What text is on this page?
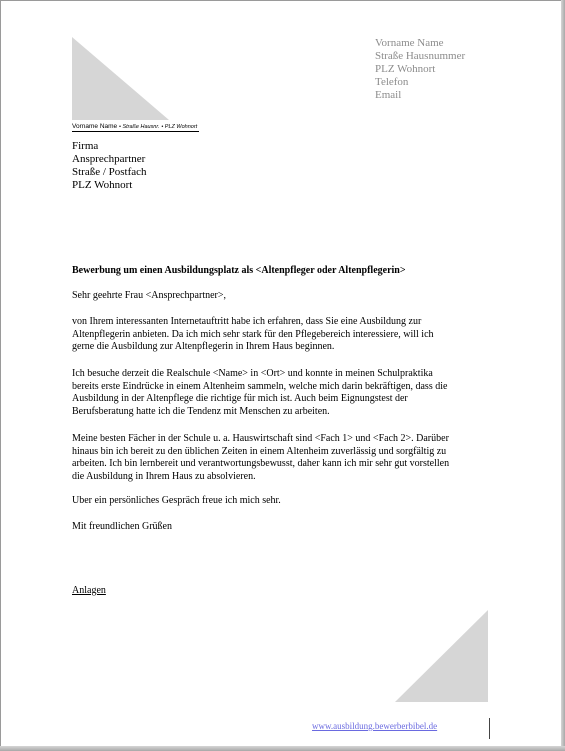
Vorname Name
Straße Hausnummer
PLZ Wohnort
Telefon
Email
Vorname Name • Straße Hausnr. • PLZ Wohnort
Firma
Ansprechpartner
Straße / Postfach
PLZ Wohnort
Bewerbung um einen Ausbildungsplatz als <Altenpfleger oder Altenpflegerin>
Sehr geehrte Frau <Ansprechpartner>,
von Ihrem interessanten Internetauftritt habe ich erfahren, dass Sie eine Ausbildung zur
Altenpflegerin anbieten. Da ich mich sehr stark für den Pflegebereich interessiere, will ich
gerne die Ausbildung zur Altenpflegerin in Ihrem Haus beginnen.
Ich besuche derzeit die Realschule <Name> in <Ort> und konnte in meinen Schulpraktika
bereits erste Eindrücke in einem Altenheim sammeln, welche mich darin bekräftigen, dass die
Ausbildung in der Altenpflege die richtige für mich ist. Auch beim Eignungstest der
Berufsberatung hatte ich die Tendenz mit Menschen zu arbeiten.
Meine besten Fächer in der Schule u. a. Hauswirtschaft sind <Fach 1> und <Fach 2>. Darüber
hinaus bin ich bereit zu den üblichen Zeiten in einem Altenheim zuverlässig und sorgfältig zu
arbeiten. Ich bin lernbereit und verantwortungsbewusst, daher kann ich mir sehr gut vorstellen
die Ausbildung in Ihrem Haus zu absolvieren.
Uber ein persönliches Gespräch freue ich mich sehr.
Mit freundlichen Grüßen
Anlagen
www.ausbildung.bewerberbibel.de
